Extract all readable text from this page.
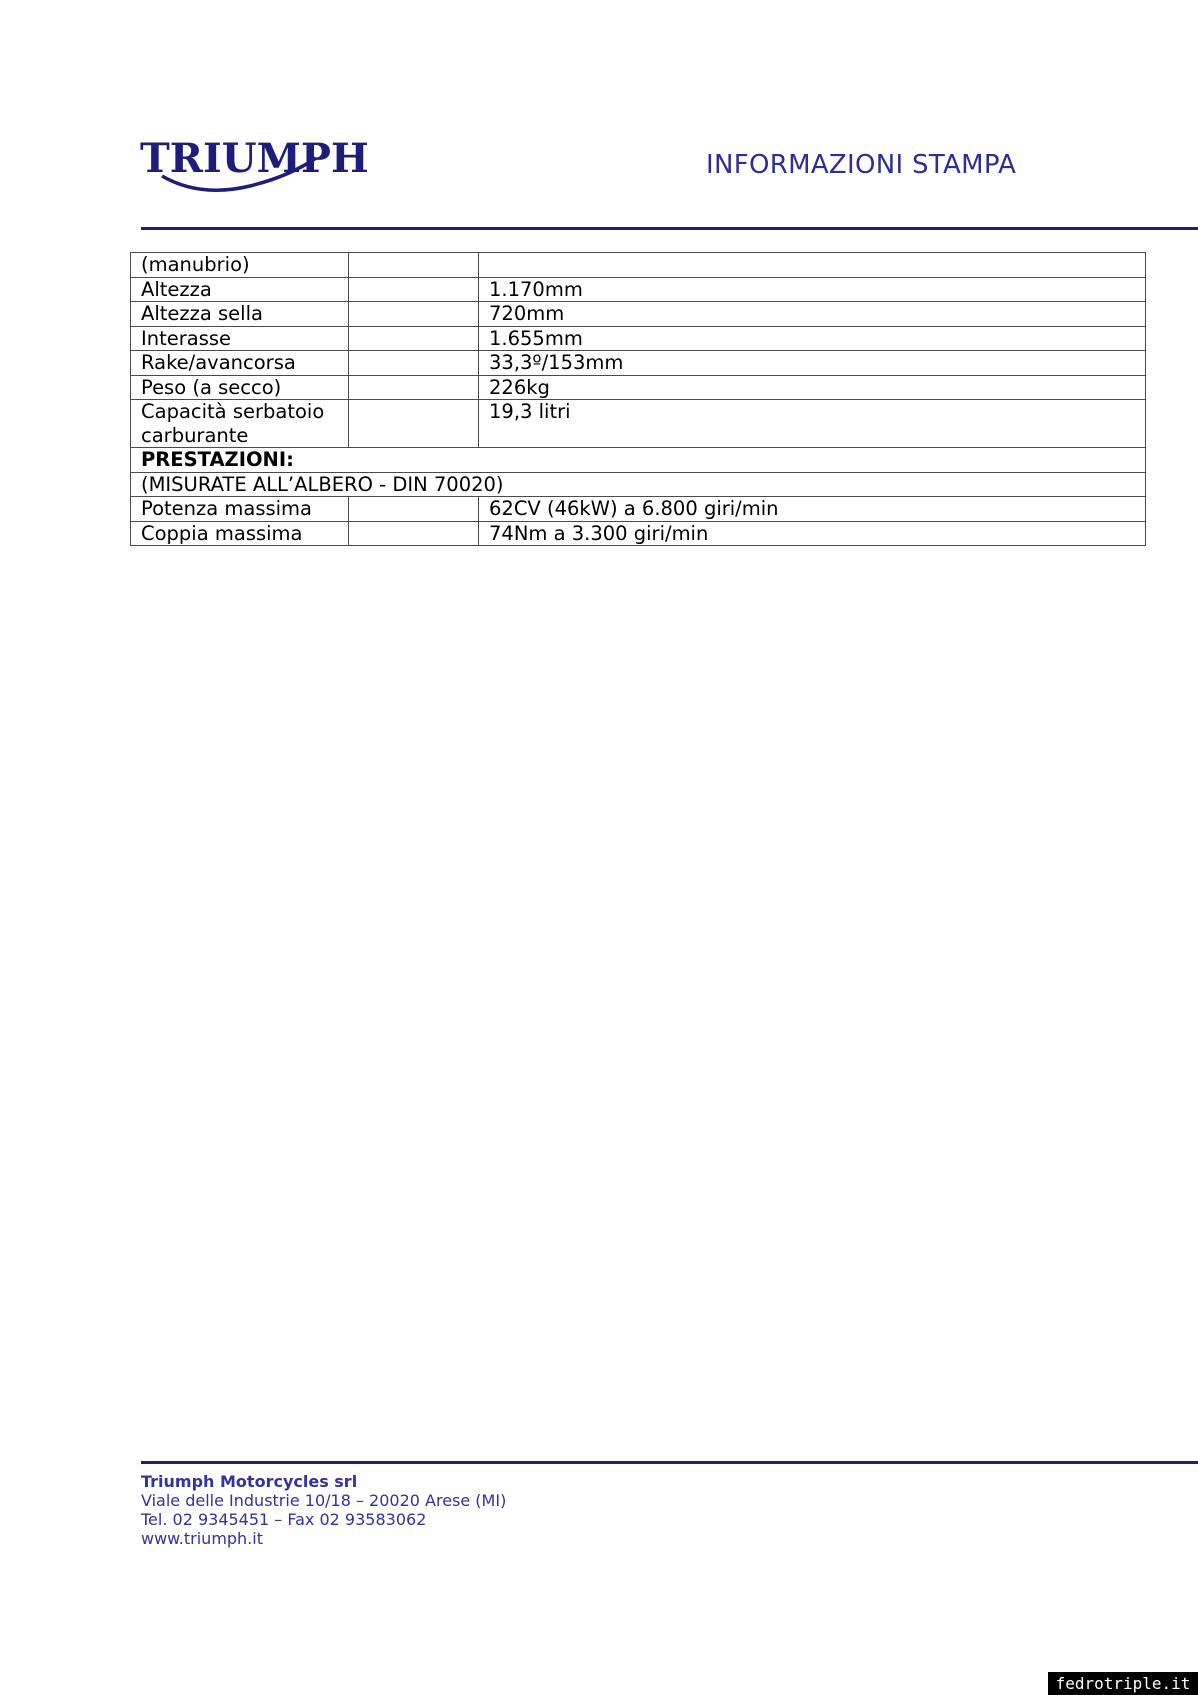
TRIUMPH	INFORMAZIONI STAMPA
(manubrio)		
Altezza		1.170mm
Altezza sella		720mm
Interasse		1.655mm
Rake/avancorsa		33,3º/153mm
Peso (a secco)		226kg
Capacità serbatoio carburante		19,3 litri
PRESTAZIONI:		
(MISURATE ALL’ALBERO - DIN 70020)		
Potenza massima		62CV (46kW) a 6.800 giri/min
Coppia massima		74Nm a 3.300 giri/min
Triumph Motorcycles srl
Viale delle Industrie 10/18 – 20020 Arese (MI)
Tel. 02 9345451 – Fax 02 93583062
www.triumph.it
fedrotriple.it
